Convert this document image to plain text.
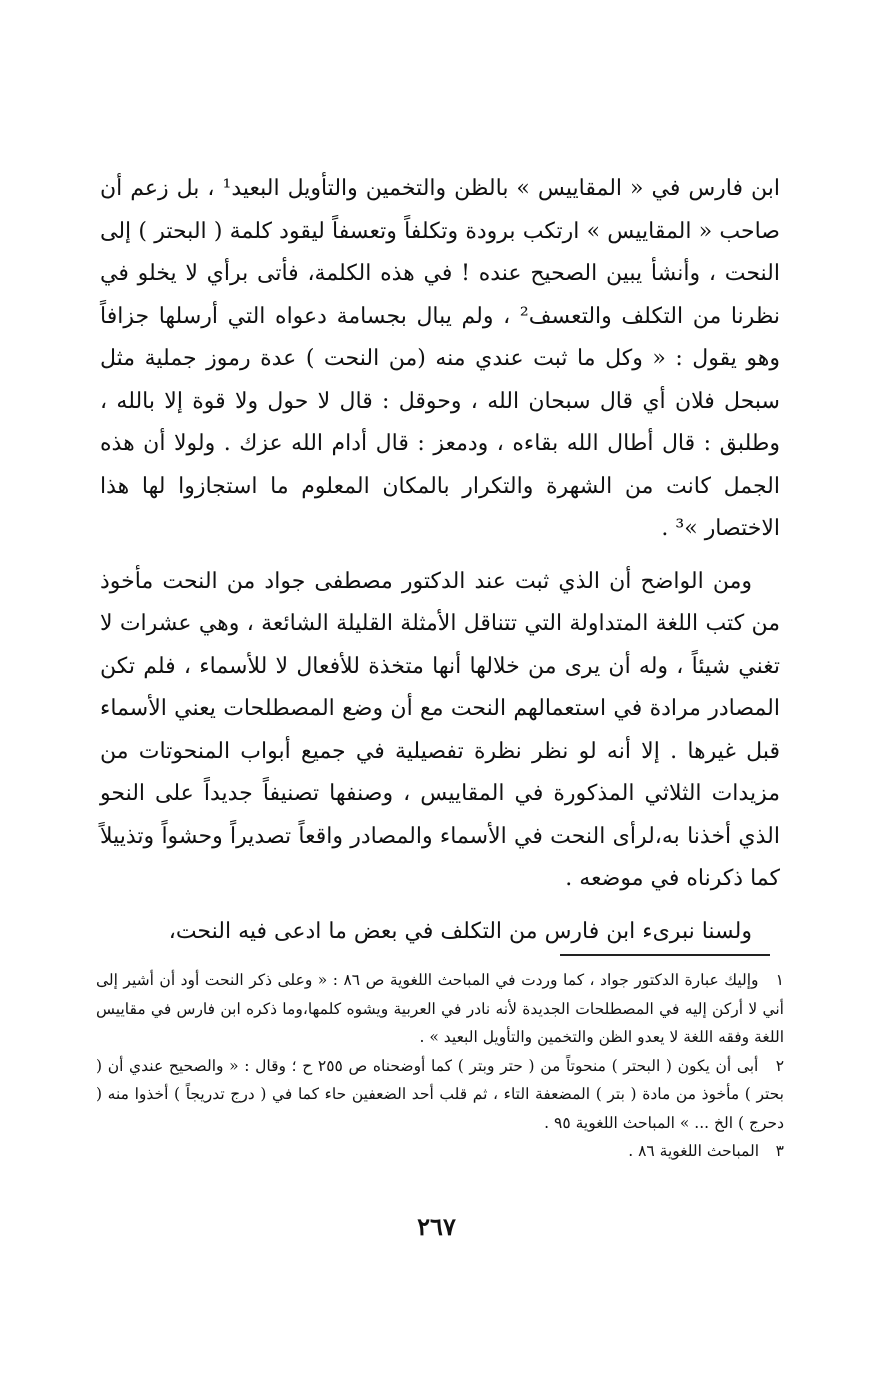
ابن فارس في « المقاييس » بالظن والتخمين والتأويل البعيد¹ ، بل زعم أن صاحب « المقاييس » ارتكب برودة وتكلفاً وتعسفاً ليقود كلمة ( البحتر ) إلى النحت ، وأنشأ يبين الصحيح عنده ! في هذه الكلمة، فأتى برأي لا يخلو في نظرنا من التكلف والتعسف² ، ولم يبال بجسامة دعواه التي أرسلها جزافاً وهو يقول : « وكل ما ثبت عندي منه (من النحت ) عدة رموز جملية مثل سبحل فلان أي قال سبحان الله ، وحوقل : قال لا حول ولا قوة إلا بالله ، وطلبق : قال أطال الله بقاءه ، ودمعز : قال أدام الله عزك . ولولا أن هذه الجمل كانت من الشهرة والتكرار بالمكان المعلوم ما استجازوا لها هذا الاختصار »³ .

ومن الواضح أن الذي ثبت عند الدكتور مصطفى جواد من النحت مأخوذ من كتب اللغة المتداولة التي تتناقل الأمثلة القليلة الشائعة ، وهي عشرات لا تغني شيئاً ، وله أن يرى من خلالها أنها متخذة للأفعال لا للأسماء ، فلم تكن المصادر مرادة في استعمالهم النحت مع أن وضع المصطلحات يعني الأسماء قبل غيرها . إلا أنه لو نظر نظرة تفصيلية في جميع أبواب المنحوتات من مزيدات الثلاثي المذكورة في المقاييس ، وصنفها تصنيفاً جديداً على النحو الذي أخذنا به،لرأى النحت في الأسماء والمصادر واقعاً تصديراً وحشواً وتذييلاً كما ذكرناه في موضعه .

ولسنا نبرىء ابن فارس من التكلف في بعض ما ادعى فيه النحت،

١ وإليك عبارة الدكتور جواد ، كما وردت في المباحث اللغوية ص ٨٦ : « وعلى ذكر النحت أود أن أشير إلى أني لا أركن إليه في المصطلحات الجديدة لأنه نادر في العربية ويشوه كلمها،وما ذكره ابن فارس في مقاييس اللغة وفقه اللغة لا يعدو الظن والتخمين والتأويل البعيد » .

٢ أبى أن يكون ( البحتر ) منحوتاً من ( حتر وبتر ) كما أوضحناه ص ٢٥٥ ح ؛ وقال : « والصحيح عندي أن ( بحتر ) مأخوذ من مادة ( بتر ) المضعفة التاء ، ثم قلب أحد الضعفين حاء كما في ( درج تدريجاً ) أخذوا منه ( دحرج ) الخ ... » المباحث اللغوية ٩٥ .

٣ المباحث اللغوية ٨٦ .

٢٦٧
